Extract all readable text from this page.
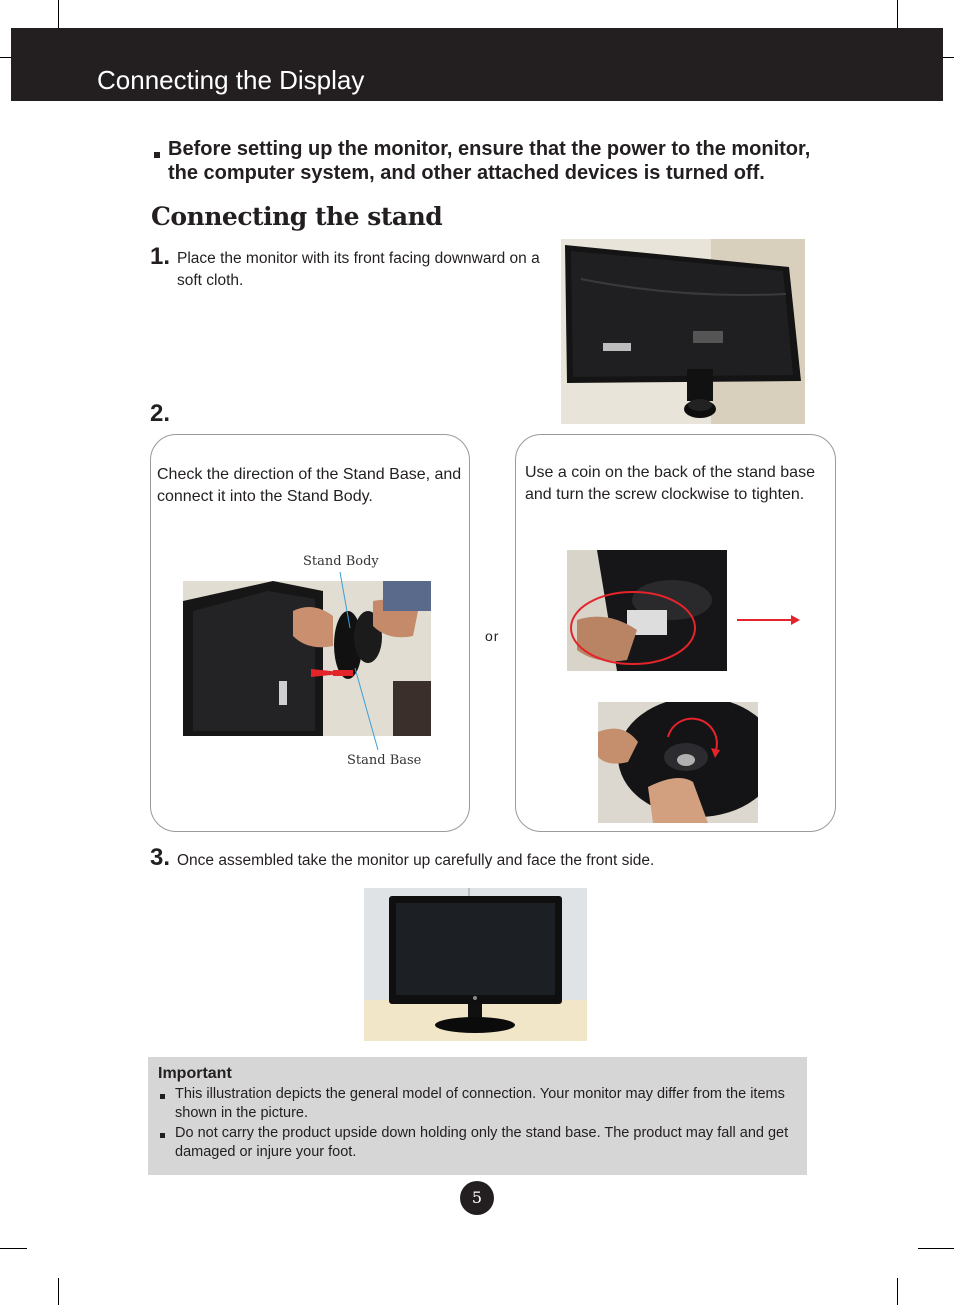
Connecting the Display
Before setting up the monitor, ensure that the power to the monitor, the computer system, and other attached devices is turned off.
Connecting the stand
1. Place the monitor with its front facing downward on a soft cloth.
2.
Check the direction of the Stand Base, and connect it into the Stand Body.
Stand Body
Stand Base
or
Use a coin on the back of the stand base and turn the screw clockwise to tighten.
3. Once assembled take the monitor up carefully and face the front side.
Important
This illustration depicts the general model of connection. Your monitor may differ from the items shown in the picture.
Do not carry the product upside down holding only the stand base. The product may fall and get damaged or injure your foot.
5
